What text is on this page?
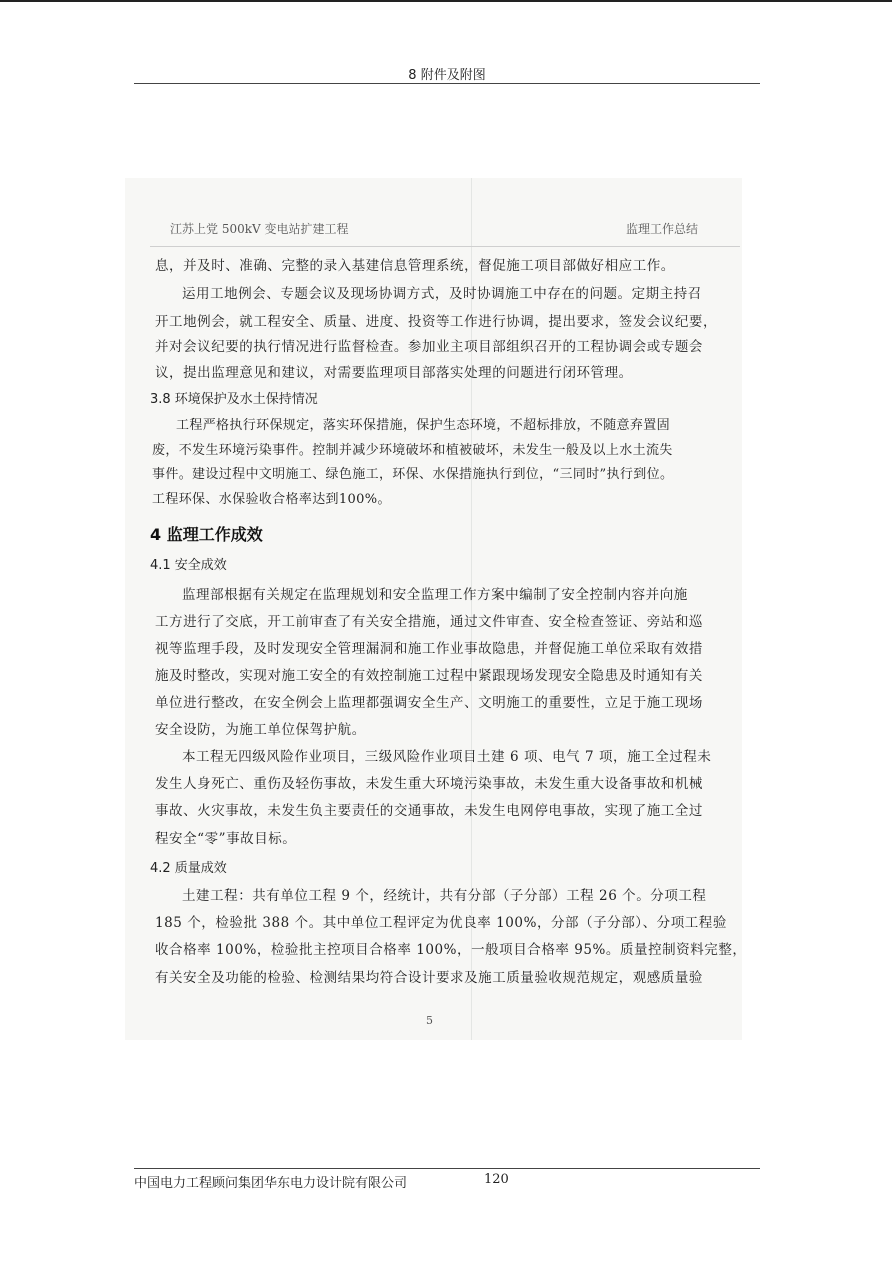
8 附件及附图
江苏上党 500kV 变电站扩建工程	监理工作总结
息，并及时、准确、完整的录入基建信息管理系统，督促施工项目部做好相应工作。
运用工地例会、专题会议及现场协调方式，及时协调施工中存在的问题。定期主持召
开工地例会，就工程安全、质量、进度、投资等工作进行协调，提出要求，签发会议纪要，
并对会议纪要的执行情况进行监督检查。参加业主项目部组织召开的工程协调会或专题会
议，提出监理意见和建议，对需要监理项目部落实处理的问题进行闭环管理。
3.8 环境保护及水土保持情况
工程严格执行环保规定，落实环保措施，保护生态环境，不超标排放，不随意弃置固
废，不发生环境污染事件。控制并减少环境破坏和植被破坏，未发生一般及以上水土流失
事件。建设过程中文明施工、绿色施工，环保、水保措施执行到位，“三同时”执行到位。
工程环保、水保验收合格率达到100%。
4 监理工作成效
4.1 安全成效
监理部根据有关规定在监理规划和安全监理工作方案中编制了安全控制内容并向施
工方进行了交底，开工前审查了有关安全措施，通过文件审查、安全检查签证、旁站和巡
视等监理手段，及时发现安全管理漏洞和施工作业事故隐患，并督促施工单位采取有效措
施及时整改，实现对施工安全的有效控制施工过程中紧跟现场发现安全隐患及时通知有关
单位进行整改，在安全例会上监理都强调安全生产、文明施工的重要性，立足于施工现场
安全设防，为施工单位保驾护航。
本工程无四级风险作业项目，三级风险作业项目土建 6 项、电气 7 项，施工全过程未
发生人身死亡、重伤及轻伤事故，未发生重大环境污染事故，未发生重大设备事故和机械
事故、火灾事故，未发生负主要责任的交通事故，未发生电网停电事故，实现了施工全过
程安全“零”事故目标。
4.2 质量成效
土建工程：共有单位工程 9 个，经统计，共有分部（子分部）工程 26 个。分项工程
185 个，检验批 388 个。其中单位工程评定为优良率 100%，分部（子分部）、分项工程验
收合格率 100%，检验批主控项目合格率 100%，一般项目合格率 95%。质量控制资料完整，
有关安全及功能的检验、检测结果均符合设计要求及施工质量验收规范规定，观感质量验
5
中国电力工程顾问集团华东电力设计院有限公司	120
